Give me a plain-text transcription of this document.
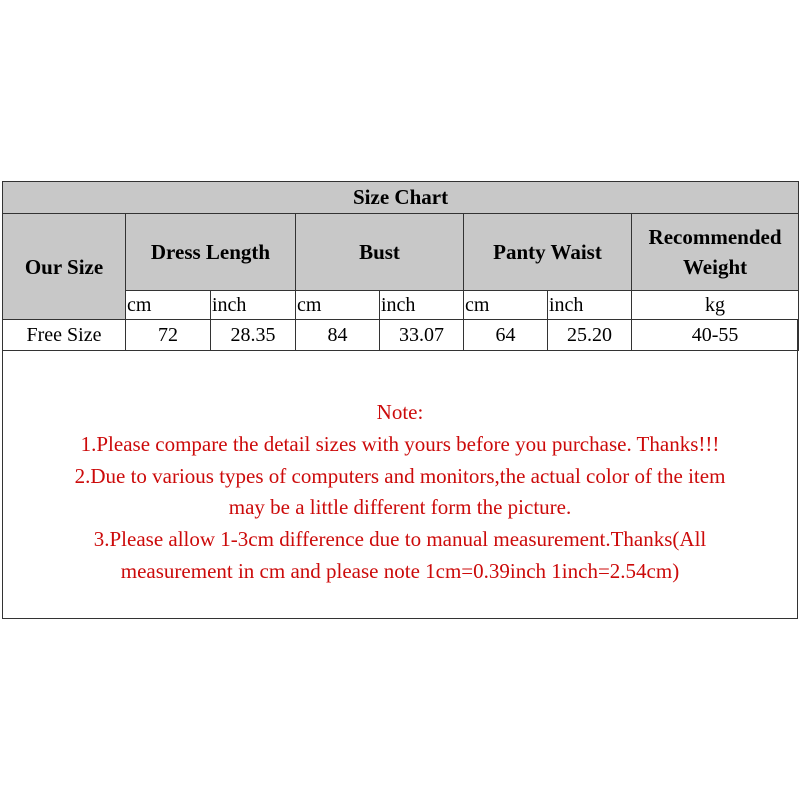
Size Chart							
Our Size	Dress Length		Bust		Panty Waist		Recommended
Weight

	cm	inch	cm	inch	cm	inch	kg
Free Size	72	28.35	84	33.07	64	25.20	40-55
Note:
1.Please compare the detail sizes with yours before you purchase. Thanks!!!
2.Due to various types of computers and monitors,the actual color of the item
may be a little different form the picture.
3.Please allow 1-3cm difference due to manual measurement.Thanks(All
measurement in cm and please note 1cm=0.39inch 1inch=2.54cm)
